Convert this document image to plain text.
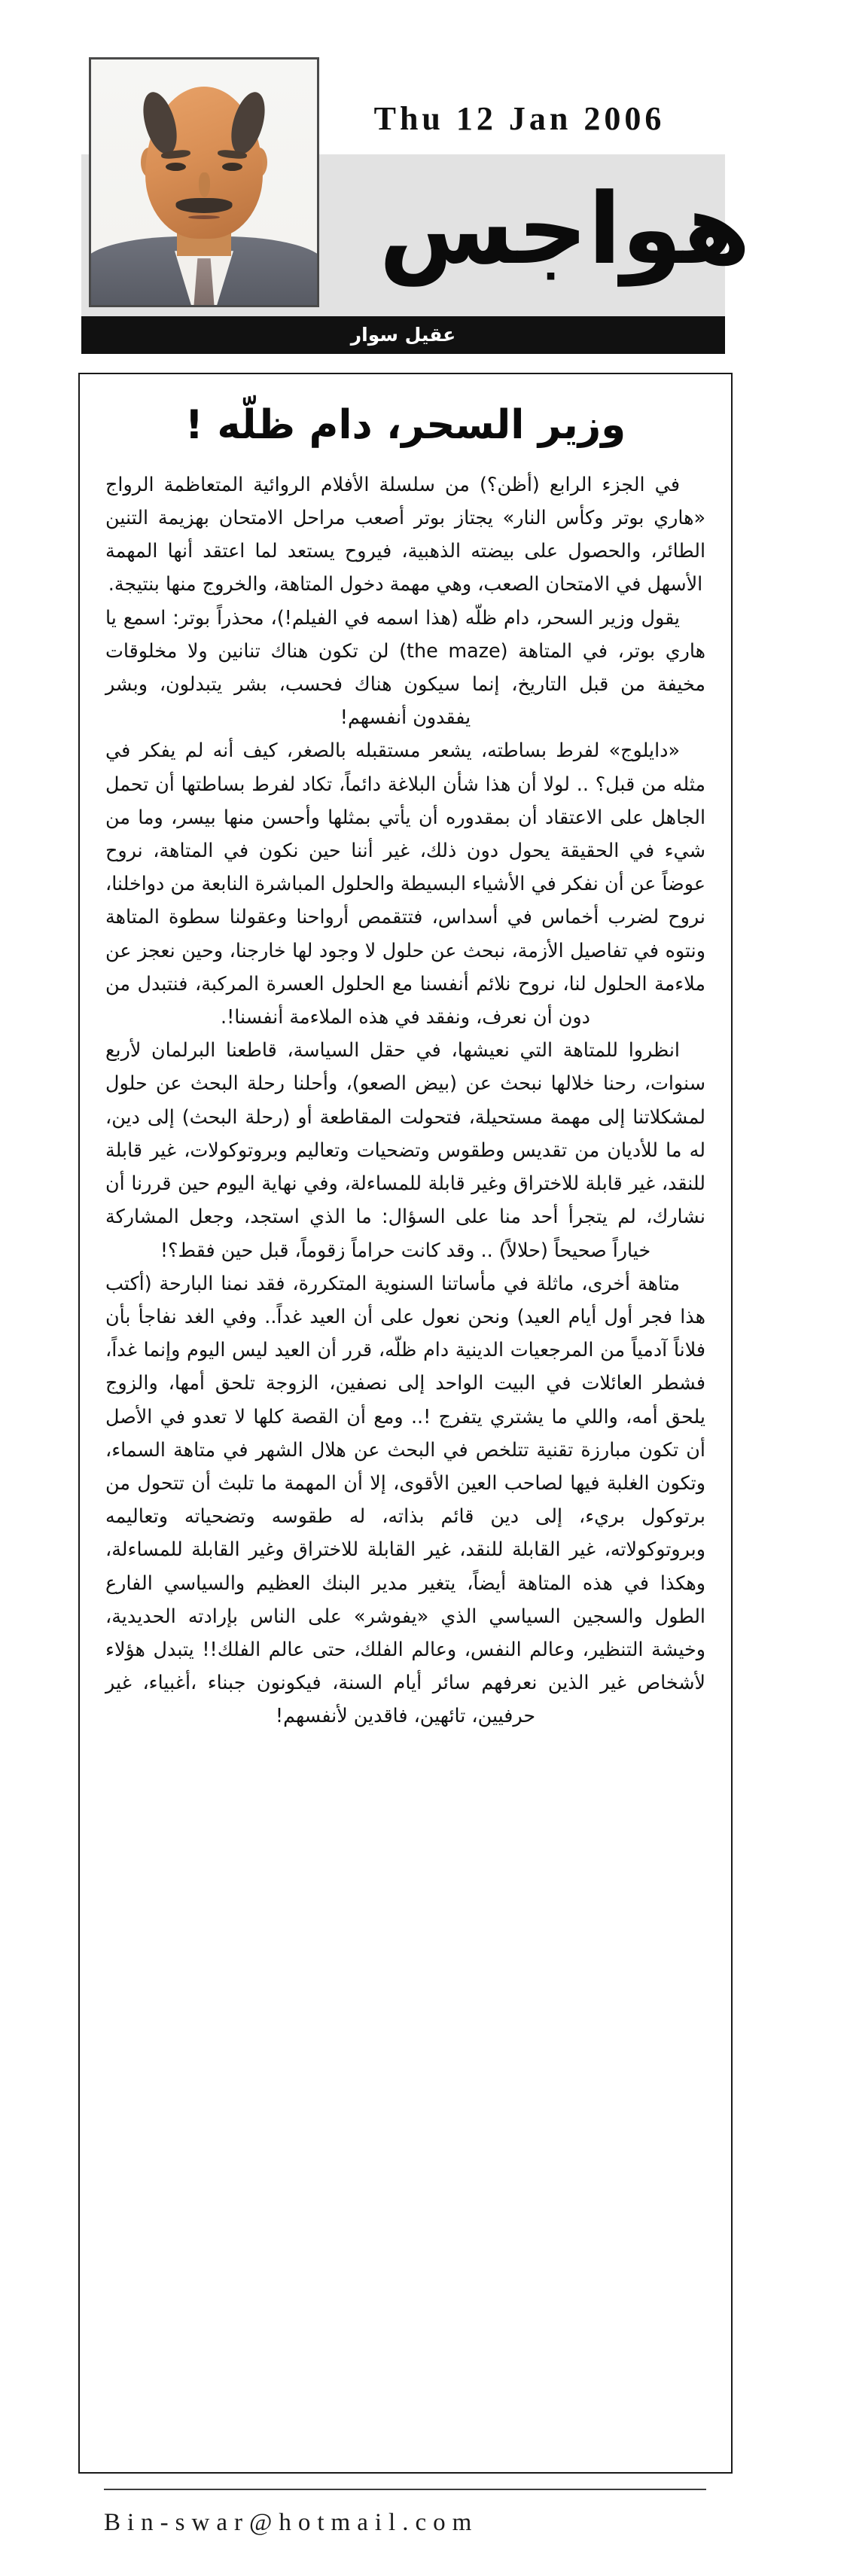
Thu 12 Jan 2006
هواجس
عقيل سوار
وزير السحر، دام ظلّه !

في الجزء الرابع (أظن؟) من سلسلة الأفلام الروائية المتعاظمة الرواج «هاري بوتر وكأس النار» يجتاز بوتر أصعب مراحل الامتحان بهزيمة التنين الطائر، والحصول على بيضته الذهبية، فيروح يستعد لما اعتقد أنها المهمة الأسهل في الامتحان الصعب، وهي مهمة دخول المتاهة، والخروج منها بنتيجة.

يقول وزير السحر، دام ظلّه (هذا اسمه في الفيلم!)، محذراً بوتر: اسمع يا هاري بوتر، في المتاهة (the maze) لن تكون هناك تنانين ولا مخلوقات مخيفة من قبل التاريخ، إنما سيكون هناك فحسب، بشر يتبدلون، وبشر يفقدون أنفسهم!

«دايلوج» لفرط بساطته، يشعر مستقبله بالصغر، كيف أنه لم يفكر في مثله من قبل؟ .. لولا أن هذا شأن البلاغة دائماً، تكاد لفرط بساطتها أن تحمل الجاهل على الاعتقاد أن بمقدوره أن يأتي بمثلها وأحسن منها بيسر، وما من شيء في الحقيقة يحول دون ذلك، غير أننا حين نكون في المتاهة، نروح عوضاً عن أن نفكر في الأشياء البسيطة والحلول المباشرة النابعة من دواخلنا، نروح لضرب أخماس في أسداس، فتتقمص أرواحنا وعقولنا سطوة المتاهة ونتوه في تفاصيل الأزمة، نبحث عن حلول لا وجود لها خارجنا، وحين نعجز عن ملاءمة الحلول لنا، نروح نلائم أنفسنا مع الحلول العسرة المركبة، فنتبدل من دون أن نعرف، ونفقد في هذه الملاءمة أنفسنا!.

انظروا للمتاهة التي نعيشها، في حقل السياسة، قاطعنا البرلمان لأربع سنوات، رحنا خلالها نبحث عن (بيض الصعو)، وأحلنا رحلة البحث عن حلول لمشكلاتنا إلى مهمة مستحيلة، فتحولت المقاطعة أو (رحلة البحث) إلى دين، له ما للأديان من تقديس وطقوس وتضحيات وتعاليم وبروتوكولات، غير قابلة للنقد، غير قابلة للاختراق وغير قابلة للمساءلة، وفي نهاية اليوم حين قررنا أن نشارك، لم يتجرأ أحد منا على السؤال: ما الذي استجد، وجعل المشاركة خياراً صحيحاً (حلالاً) .. وقد كانت حراماً زقوماً، قبل حين فقط؟!

متاهة أخرى، ماثلة في مأساتنا السنوية المتكررة، فقد نمنا البارحة (أكتب هذا فجر أول أيام العيد) ونحن نعول على أن العيد غداً.. وفي الغد نفاجأ بأن فلاناً آدمياً من المرجعيات الدينية دام ظلّه، قرر أن العيد ليس اليوم وإنما غداً، فشطر العائلات في البيت الواحد إلى نصفين، الزوجة تلحق أمها، والزوج يلحق أمه، واللي ما يشتري يتفرج !.. ومع أن القصة كلها لا تعدو في الأصل أن تكون مبارزة تقنية تتلخص في البحث عن هلال الشهر في متاهة السماء، وتكون الغلبة فيها لصاحب العين الأقوى، إلا أن المهمة ما تلبث أن تتحول من برتوكول بريء، إلى دين قائم بذاته، له طقوسه وتضحياته وتعاليمه وبروتوكولاته، غير القابلة للنقد، غير القابلة للاختراق وغير القابلة للمساءلة، وهكذا في هذه المتاهة أيضاً، يتغير مدير البنك العظيم والسياسي الفارع الطول والسجين السياسي الذي «يفوشر» على الناس بإرادته الحديدية، وخيشة التنظير، وعالم النفس، وعالم الفلك، حتى عالم الفلك!! يتبدل هؤلاء لأشخاص غير الذين نعرفهم سائر أيام السنة، فيكونون جبناء ،أغبياء، غير حرفيين، تائهين، فاقدين لأنفسهم!

Bin-swar@hotmail.com
